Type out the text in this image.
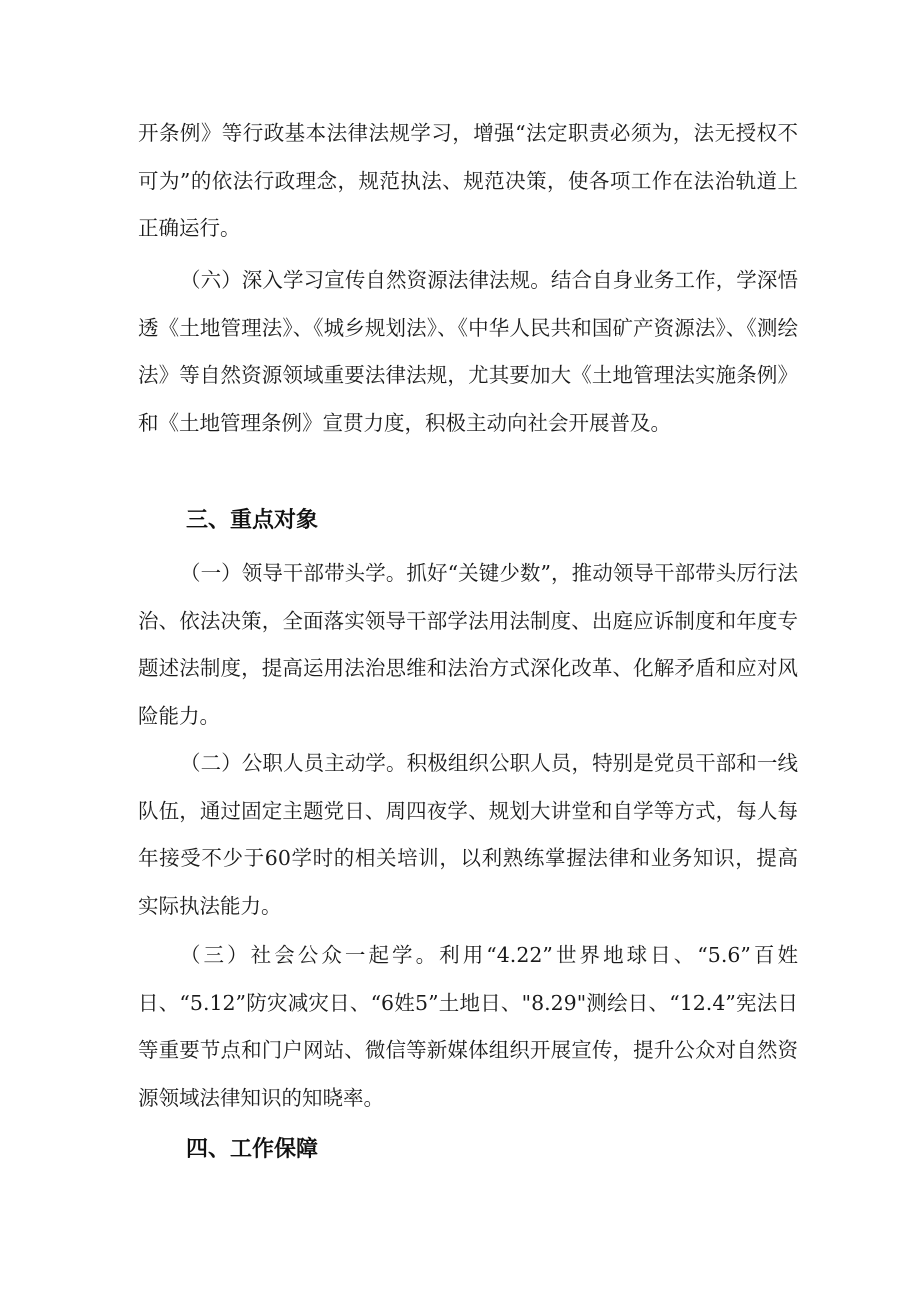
开条例》等行政基本法律法规学习，增强“法定职责必须为，法无授权不可为”的依法行政理念，规范执法、规范决策，使各项工作在法治轨道上正确运行。

（六）深入学习宣传自然资源法律法规。结合自身业务工作，学深悟透《土地管理法》、《城乡规划法》、《中华人民共和国矿产资源法》、《测绘法》等自然资源领域重要法律法规，尤其要加大《土地管理法实施条例》和《土地管理条例》宣贯力度，积极主动向社会开展普及。

三、重点对象

（一）领导干部带头学。抓好“关键少数”，推动领导干部带头厉行法治、依法决策，全面落实领导干部学法用法制度、出庭应诉制度和年度专题述法制度，提高运用法治思维和法治方式深化改革、化解矛盾和应对风险能力。

（二）公职人员主动学。积极组织公职人员，特别是党员干部和一线队伍，通过固定主题党日、周四夜学、规划大讲堂和自学等方式，每人每年接受不少于60学时的相关培训，以利熟练掌握法律和业务知识，提高实际执法能力。

（三）社会公众一起学。利用“4.22”世界地球日、“5.6”百姓日、“5.12”防灾减灾日、“6姓5”土地日、"8.29"测绘日、“12.4”宪法日等重要节点和门户网站、微信等新媒体组织开展宣传，提升公众对自然资源领域法律知识的知晓率。

四、工作保障
